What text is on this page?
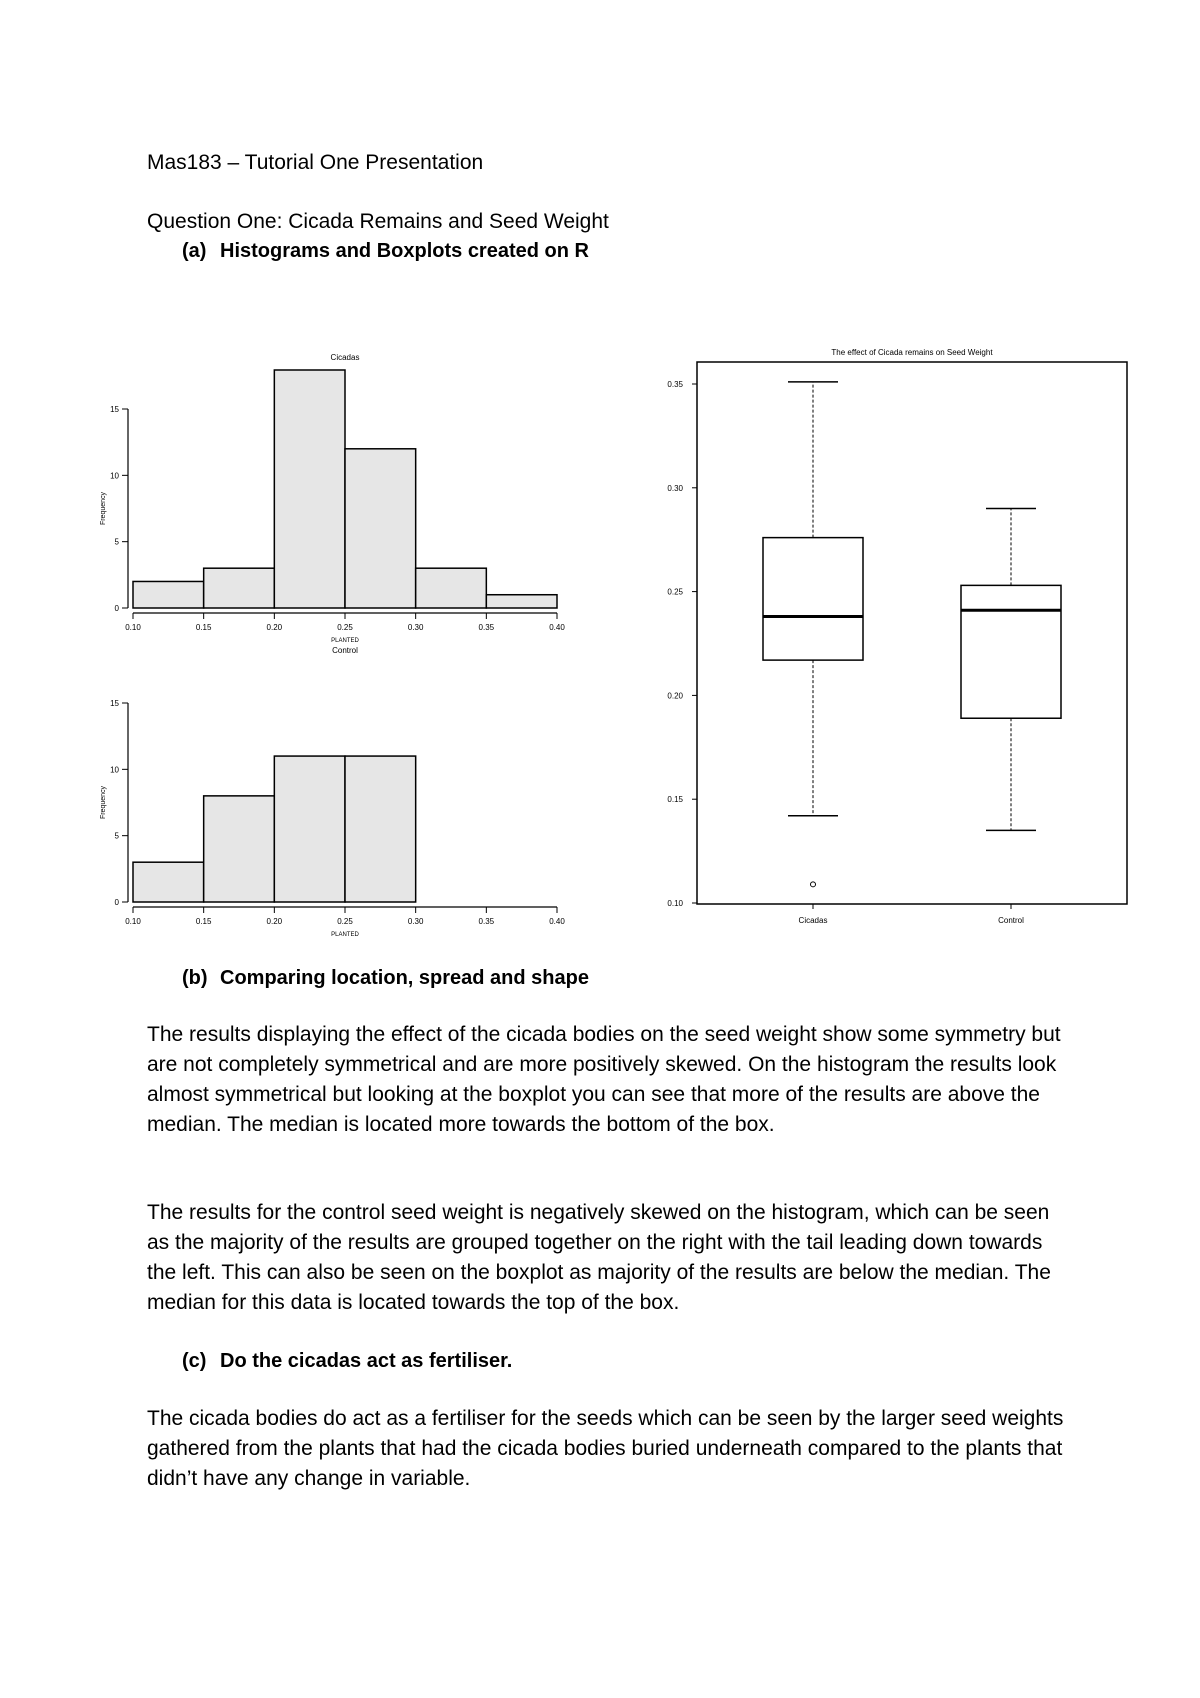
Mas183 – Tutorial One Presentation
Question One: Cicada Remains and Seed Weight
(a) Histograms and Boxplots created on R
0.10	0.15	0.20	0.25	0.30	0.35	0.40
0
5
10
15
Cicadas
PLANTED
Frequency
0.10	0.15	0.20	0.25	0.30	0.35	0.40
0
5
10
15
Control
PLANTED
Frequency
The effect of Cicada remains on Seed Weight
0.10
0.15
0.20
0.25
0.30
0.35
Cicadas	Control
(b) Comparing location, spread and shape

The results displaying the effect of the cicada bodies on the seed weight show some symmetry but are not completely symmetrical and are more positively skewed. On the histogram the results look almost symmetrical but looking at the boxplot you can see that more of the results are above the median. The median is located more towards the bottom of the box.

The results for the control seed weight is negatively skewed on the histogram, which can be seen as the majority of the results are grouped together on the right with the tail leading down towards the left. This can also be seen on the boxplot as majority of the results are below the median. The median for this data is located towards the top of the box.

(c) Do the cicadas act as fertiliser.

The cicada bodies do act as a fertiliser for the seeds which can be seen by the larger seed weights gathered from the plants that had the cicada bodies buried underneath compared to the plants that didn’t have any change in variable.
